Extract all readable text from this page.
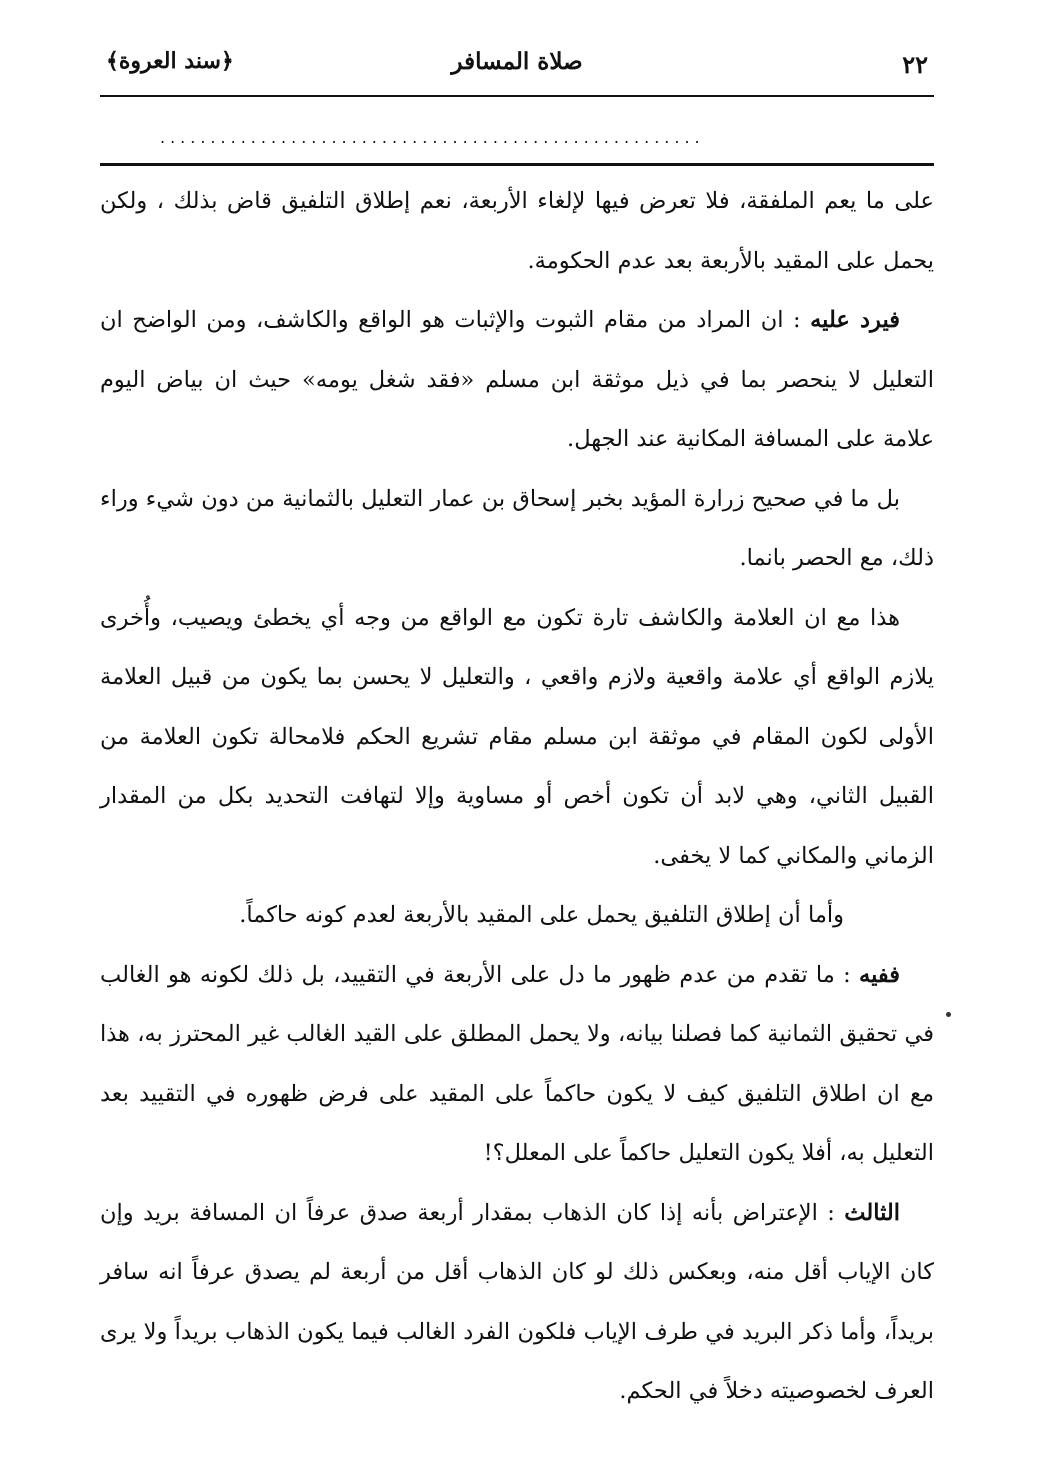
﴿سند العروة﴾	صلاة المسافر	٢٢
......................................................

على ما يعم الملفقة، فلا تعرض فيها لإلغاء الأربعة، نعم إطلاق التلفيق قاض بذلك ، ولكن يحمل على المقيد بالأربعة بعد عدم الحكومة.

فيرد عليه : ان المراد من مقام الثبوت والإثبات هو الواقع والكاشف، ومن الواضح ان التعليل لا ينحصر بما في ذيل موثقة ابن مسلم «فقد شغل يومه» حيث ان بياض اليوم علامة على المسافة المكانية عند الجهل.

بل ما في صحيح زرارة المؤيد بخبر إسحاق بن عمار التعليل بالثمانية من دون شيء وراء ذلك، مع الحصر بانما.

هذا مع ان العلامة والكاشف تارة تكون مع الواقع من وجه أي يخطئ ويصيب، وأُخرى يلازم الواقع أي علامة واقعية ولازم واقعي ، والتعليل لا يحسن بما يكون من قبيل العلامة الأولى لكون المقام في موثقة ابن مسلم مقام تشريع الحكم فلامحالة تكون العلامة من القبيل الثاني، وهي لابد أن تكون أخص أو مساوية وإلا لتهافت التحديد بكل من المقدار الزماني والمكاني كما لا يخفى.

وأما أن إطلاق التلفيق يحمل على المقيد بالأربعة لعدم كونه حاكماً.

ففيه : ما تقدم من عدم ظهور ما دل على الأربعة في التقييد، بل ذلك لكونه هو الغالب في تحقيق الثمانية كما فصلنا بيانه، ولا يحمل المطلق على القيد الغالب غير المحترز به، هذا مع ان اطلاق التلفيق كيف لا يكون حاكماً على المقيد على فرض ظهوره في التقييد بعد التعليل به، أفلا يكون التعليل حاكماً على المعلل؟!

الثالث : الإعتراض بأنه إذا كان الذهاب بمقدار أربعة صدق عرفاً ان المسافة بريد وإن كان الإياب أقل منه، وبعكس ذلك لو كان الذهاب أقل من أربعة لم يصدق عرفاً انه سافر بريداً، وأما ذكر البريد في طرف الإياب فلكون الفرد الغالب فيما يكون الذهاب بريداً ولا يرى العرف لخصوصيته دخلاً في الحكم.
